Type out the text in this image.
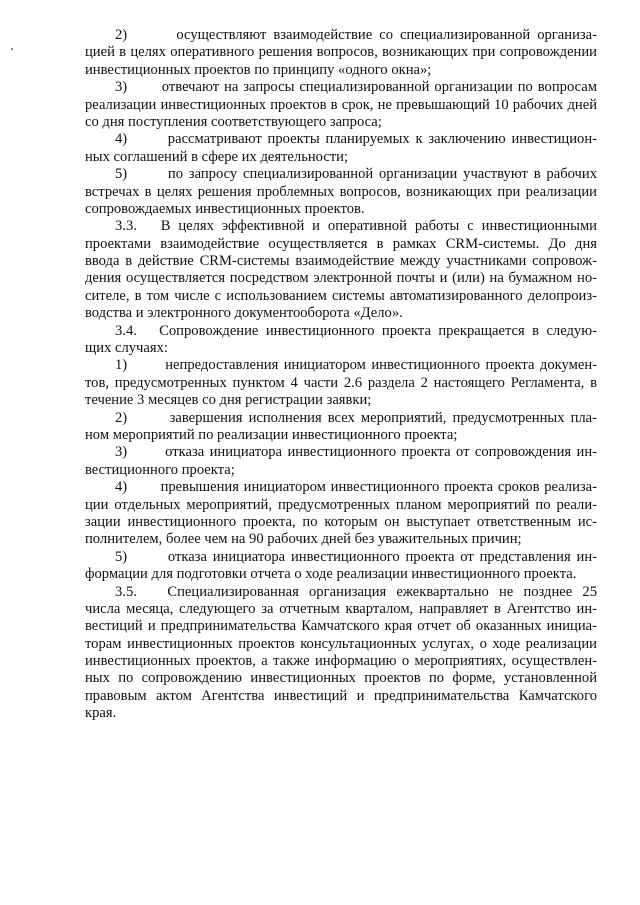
2)       осуществляют взаимодействие со специализированной организа-
цией в целях оперативного решения вопросов, возникающих при сопровождении
инвестиционных проектов по принципу «одного окна»;
3)       отвечают на запросы специализированной организации по вопросам
реализации инвестиционных проектов в срок, не превышающий 10 рабочих дней
со дня поступления соответствующего запроса;
4)       рассматривают проекты планируемых к заключению инвестицион-
ных соглашений в сфере их деятельности;
5)       по запросу специализированной организации участвуют в рабочих
встречах в целях решения проблемных вопросов, возникающих при реализации
сопровождаемых инвестиционных проектов.
3.3.   В целях эффективной и оперативной работы с инвестиционными
проектами взаимодействие осуществляется в рамках CRM-системы. До дня
ввода в действие CRM-системы взаимодействие между участниками сопровож-
дения осуществляется посредством электронной почты и (или) на бумажном но-
сителе, в том числе с использованием системы автоматизированного делопроиз-
водства и электронного документооборота «Дело».
3.4.   Сопровождение инвестиционного проекта прекращается в следую-
щих случаях:
1)       непредоставления инициатором инвестиционного проекта докумен-
тов, предусмотренных пунктом 4 части 2.6 раздела 2 настоящего Регламента, в
течение 3 месяцев со дня регистрации заявки;
2)       завершения исполнения всех мероприятий, предусмотренных пла-
ном мероприятий по реализации инвестиционного проекта;
3)       отказа инициатора инвестиционного проекта от сопровождения ин-
вестиционного проекта;
4)       превышения инициатором инвестиционного проекта сроков реализа-
ции отдельных мероприятий, предусмотренных планом мероприятий по реали-
зации инвестиционного проекта, по которым он выступает ответственным ис-
полнителем, более чем на 90 рабочих дней без уважительных причин;
5)       отказа инициатора инвестиционного проекта от представления ин-
формации для подготовки отчета о ходе реализации инвестиционного проекта.
3.5.   Специализированная организация ежеквартально не позднее 25
числа месяца, следующего за отчетным кварталом, направляет в Агентство ин-
вестиций и предпринимательства Камчатского края отчет об оказанных инициа-
торам инвестиционных проектов консультационных услугах, о ходе реализации
инвестиционных проектов, а также информацию о мероприятиях, осуществлен-
ных по сопровождению инвестиционных проектов по форме, установленной
правовым актом Агентства инвестиций и предпринимательства Камчатского
края.
